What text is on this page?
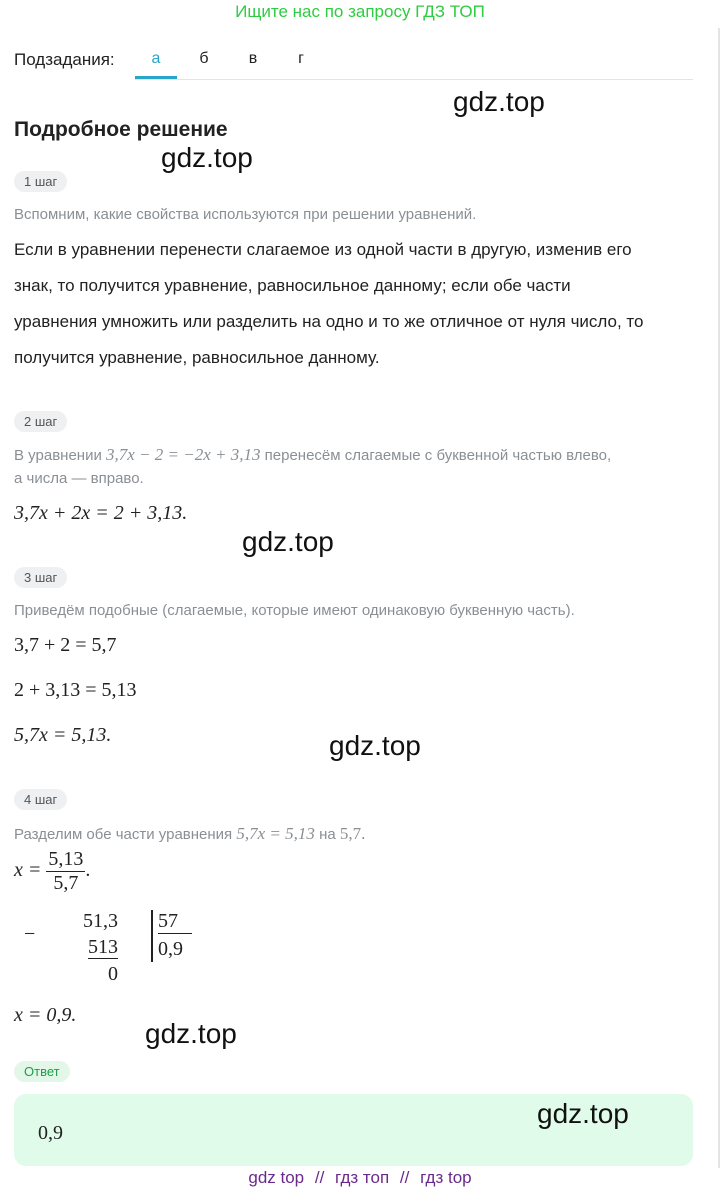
Ищите нас по запросу ГДЗ ТОП
Подзадания:	а	б	в	г
gdz.top
gdz.top
gdz.top
gdz.top
gdz.top
Подробное решение
1 шаг
Вспомним, какие свойства используются при решении уравнений.
Если в уравнении перенести слагаемое из одной части в другую, изменив его
знак, то получится уравнение, равносильное данному; если обе части
уравнения умножить или разделить на одно и то же отличное от нуля число, то
получится уравнение, равносильное данному.
2 шаг
В уравнении 3,7x − 2 = −2x + 3,13 перенесём слагаемые с буквенной частью влево,
а числа — вправо.
3,7x + 2x = 2 + 3,13.
3 шаг
Приведём подобные (слагаемые, которые имеют одинаковую буквенную часть).
3,7 + 2 = 5,7
2 + 3,13 = 5,13
5,7x = 5,13.
4 шаг
Разделим обе части уравнения 5,7x = 5,13 на 5,7.
$x = \frac{5,13}{5,7}$ .
−
51,3
513
0
57
0,9
x = 0,9.
Ответ
0,9
gdz.top
gdz top // гдз топ // гдз top
